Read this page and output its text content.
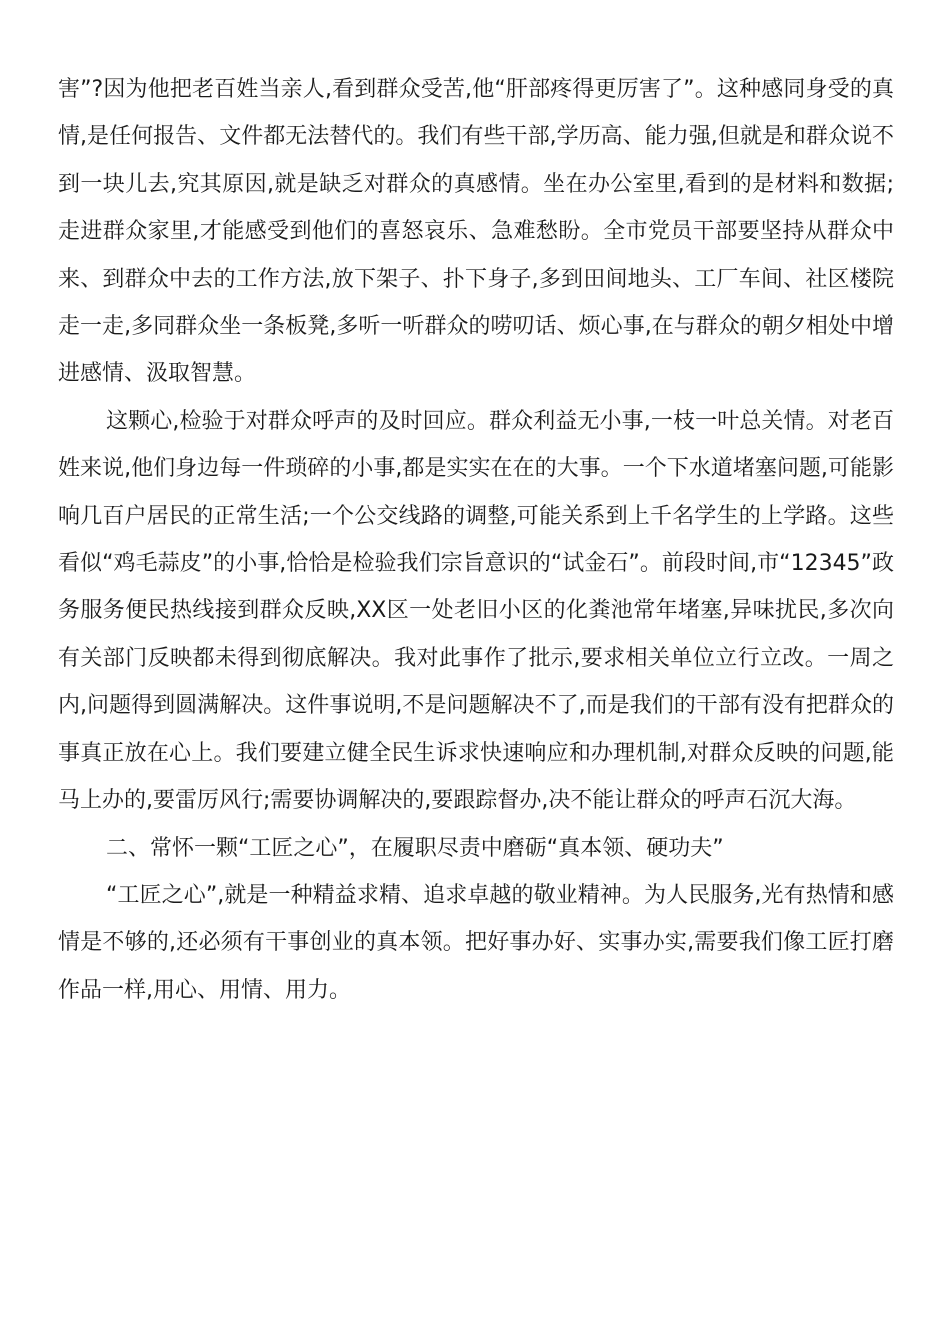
害”?因为他把老百姓当亲人,看到群众受苦,他“肝部疼得更厉害了”。这种感同身受的真情,是任何报告、文件都无法替代的。我们有些干部,学历高、能力强,但就是和群众说不到一块儿去,究其原因,就是缺乏对群众的真感情。坐在办公室里,看到的是材料和数据;走进群众家里,才能感受到他们的喜怒哀乐、急难愁盼。全市党员干部要坚持从群众中来、到群众中去的工作方法,放下架子、扑下身子,多到田间地头、工厂车间、社区楼院走一走,多同群众坐一条板凳,多听一听群众的唠叨话、烦心事,在与群众的朝夕相处中增进感情、汲取智慧。

这颗心,检验于对群众呼声的及时回应。群众利益无小事,一枝一叶总关情。对老百姓来说,他们身边每一件琐碎的小事,都是实实在在的大事。一个下水道堵塞问题,可能影响几百户居民的正常生活;一个公交线路的调整,可能关系到上千名学生的上学路。这些看似“鸡毛蒜皮”的小事,恰恰是检验我们宗旨意识的“试金石”。前段时间,市“12345”政务服务便民热线接到群众反映,XX区一处老旧小区的化粪池常年堵塞,异味扰民,多次向有关部门反映都未得到彻底解决。我对此事作了批示,要求相关单位立行立改。一周之内,问题得到圆满解决。这件事说明,不是问题解决不了,而是我们的干部有没有把群众的事真正放在心上。我们要建立健全民生诉求快速响应和办理机制,对群众反映的问题,能马上办的,要雷厉风行;需要协调解决的,要跟踪督办,决不能让群众的呼声石沉大海。

二、常怀一颗“工匠之心”，在履职尽责中磨砺“真本领、硬功夫”

“工匠之心”,就是一种精益求精、追求卓越的敬业精神。为人民服务,光有热情和感情是不够的,还必须有干事创业的真本领。把好事办好、实事办实,需要我们像工匠打磨作品一样,用心、用情、用力。
